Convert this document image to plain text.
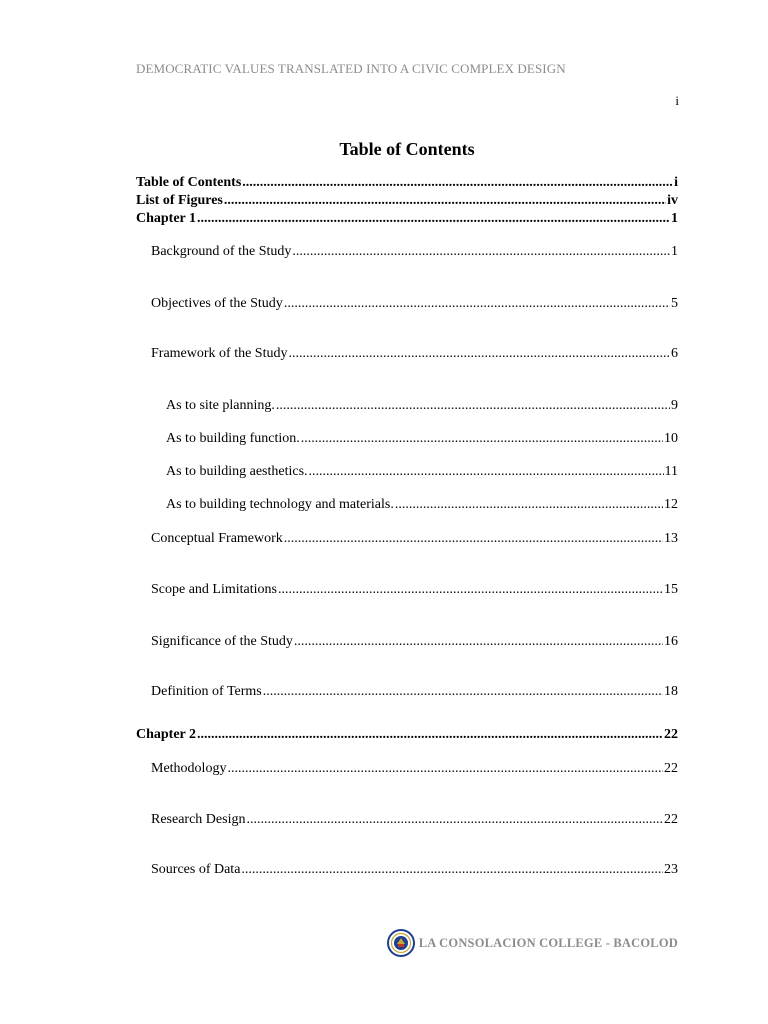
DEMOCRATIC VALUES TRANSLATED INTO A CIVIC COMPLEX DESIGN
i
Table of Contents
Table of Contents .....	i
List of Figures .....	iv
Chapter 1 .....	1
Background of the Study .....	1
Objectives of the Study .....	5
Framework of the Study .....	6
As to site planning. .....	9
As to building function. .....	10
As to building aesthetics. .....	11
As to building technology and materials. .....	12
Conceptual Framework .....	13
Scope and Limitations .....	15
Significance of the Study .....	16
Definition of Terms .....	18
Chapter 2 .....	22
Methodology .....	22
Research Design .....	22
Sources of Data .....	23
LA CONSOLACION COLLEGE - BACOLOD
